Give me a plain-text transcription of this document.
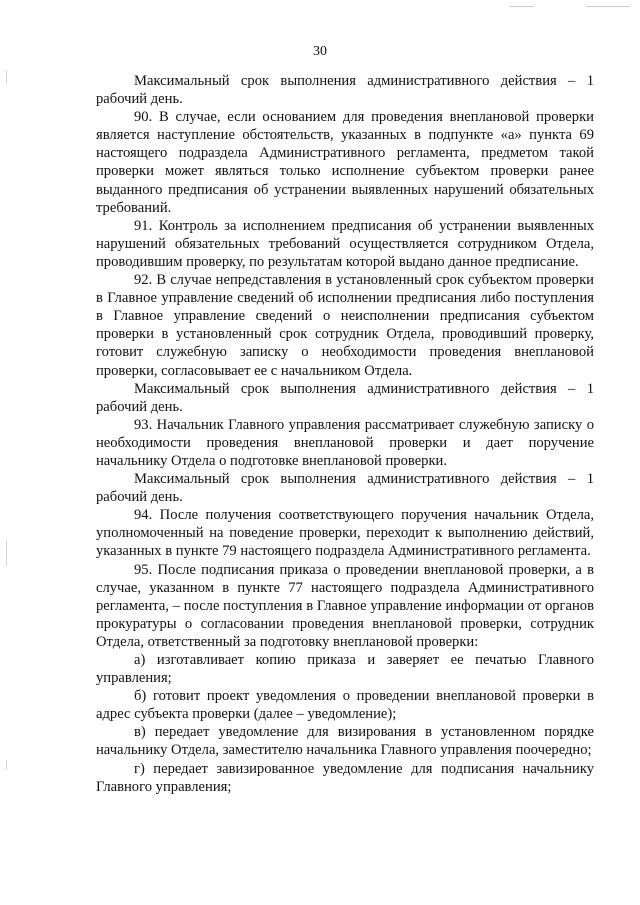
30

Максимальный срок выполнения административного действия – 1 рабочий день.

90. В случае, если основанием для проведения внеплановой проверки является наступление обстоятельств, указанных в подпункте «а» пункта 69 настоящего подраздела Административного регламента, предметом такой проверки может являться только исполнение субъектом проверки ранее выданного предписания об устранении выявленных нарушений обязательных требований.

91. Контроль за исполнением предписания об устранении выявленных нарушений обязательных требований осуществляется сотрудником Отдела, проводившим проверку, по результатам которой выдано данное предписание.

92. В случае непредставления в установленный срок субъектом проверки в Главное управление сведений об исполнении предписания либо поступления в Главное управление сведений о неисполнении предписания субъектом проверки в установленный срок сотрудник Отдела, проводивший проверку, готовит служебную записку о необходимости проведения внеплановой проверки, согласовывает ее с начальником Отдела.

Максимальный срок выполнения административного действия – 1 рабочий день.

93. Начальник Главного управления рассматривает служебную записку о необходимости проведения внеплановой проверки и дает поручение начальнику Отдела о подготовке внеплановой проверки.

Максимальный срок выполнения административного действия – 1 рабочий день.

94. После получения соответствующего поручения начальник Отдела, уполномоченный на поведение проверки, переходит к выполнению действий, указанных в пункте 79 настоящего подраздела Административного регламента.

95. После подписания приказа о проведении внеплановой проверки, а в случае, указанном в пункте 77 настоящего подраздела Административного регламента, – после поступления в Главное управление информации от органов прокуратуры о согласовании проведения внеплановой проверки, сотрудник Отдела, ответственный за подготовку внеплановой проверки:

а) изготавливает копию приказа и заверяет ее печатью Главного управления;

б) готовит проект уведомления о проведении внеплановой проверки в адрес субъекта проверки (далее – уведомление);

в) передает уведомление для визирования в установленном порядке начальнику Отдела, заместителю начальника Главного управления поочередно;

г) передает завизированное уведомление для подписания начальнику Главного управления;
